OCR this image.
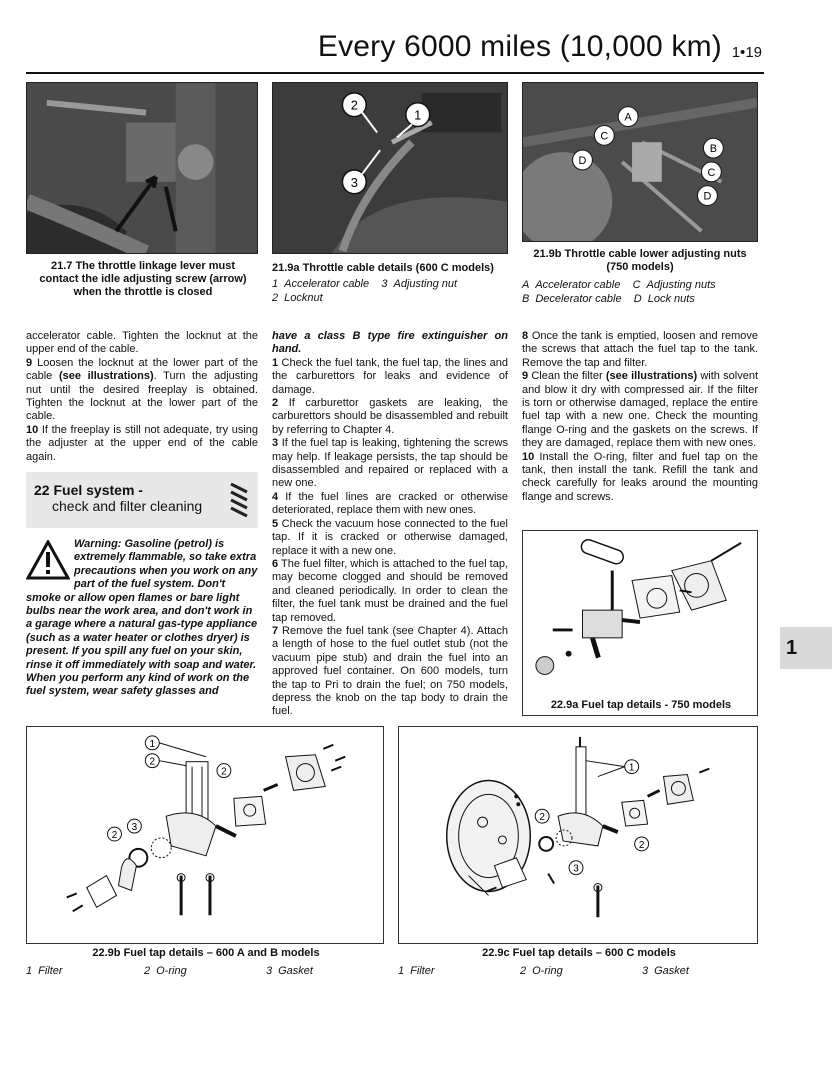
Every 6000 miles (10,000 km) 1•19
21.7 The throttle linkage lever must contact the idle adjusting screw (arrow) when the throttle is closed
2
1
3
21.9a Throttle cable details (600 C models)
1 Accelerator cable 3 Adjusting nut
2 Locknut
A
C
D
B
C
D
21.9b Throttle cable lower adjusting nuts (750 models)
A Accelerator cable C Adjusting nuts
B Decelerator cable D Lock nuts

accelerator cable. Tighten the locknut at the upper end of the cable.

9 Loosen the locknut at the lower part of the cable (see illustrations). Turn the adjusting nut until the desired freeplay is obtained. Tighten the locknut at the lower part of the cable.

10 If the freeplay is still not adequate, try using the adjuster at the upper end of the cable again.

22 Fuel system -
check and filter cleaning
Warning: Gasoline (petrol) is extremely flammable, so take extra precautions when you work on any part of the fuel system. Don't smoke or allow open flames or bare light bulbs near the work area, and don't work in a garage where a natural gas-type appliance (such as a water heater or clothes dryer) is present. If you spill any fuel on your skin, rinse it off immediately with soap and water. When you perform any kind of work on the fuel system, wear safety glasses and

have a class B type fire extinguisher on hand.

1 Check the fuel tank, the fuel tap, the lines and the carburettors for leaks and evidence of damage.

2 If carburettor gaskets are leaking, the carburettors should be disassembled and rebuilt by referring to Chapter 4.

3 If the fuel tap is leaking, tightening the screws may help. If leakage persists, the tap should be disassembled and repaired or replaced with a new one.

4 If the fuel lines are cracked or otherwise deteriorated, replace them with new ones.

5 Check the vacuum hose connected to the fuel tap. If it is cracked or otherwise damaged, replace it with a new one.

6 The fuel filter, which is attached to the fuel tap, may become clogged and should be removed and cleaned periodically. In order to clean the filter, the fuel tank must be drained and the fuel tap removed.

7 Remove the fuel tank (see Chapter 4). Attach a length of hose to the fuel outlet stub (not the vacuum pipe stub) and drain the fuel into an approved fuel container. On 600 models, turn the tap to Pri to drain the fuel; on 750 models, depress the knob on the tap body to drain the fuel.

8 Once the tank is emptied, loosen and remove the screws that attach the fuel tap to the tank. Remove the tap and filter.

9 Clean the filter (see illustrations) with solvent and blow it dry with compressed air. If the filter is torn or otherwise damaged, replace the entire fuel tap with a new one. Check the mounting flange O-ring and the gaskets on the screws. If they are damaged, replace them with new ones.

10 Install the O-ring, filter and fuel tap on the tank, then install the tank. Refill the tank and check carefully for leaks around the mounting flange and screws.

22.9a Fuel tap details - 750 models
1
1
2
2
2
3
22.9b Fuel tap details – 600 A and B models
1 Filter	2 O-ring	3 Gasket
1
2
2
3
22.9c Fuel tap details – 600 C models
1 Filter	2 O-ring	3 Gasket
